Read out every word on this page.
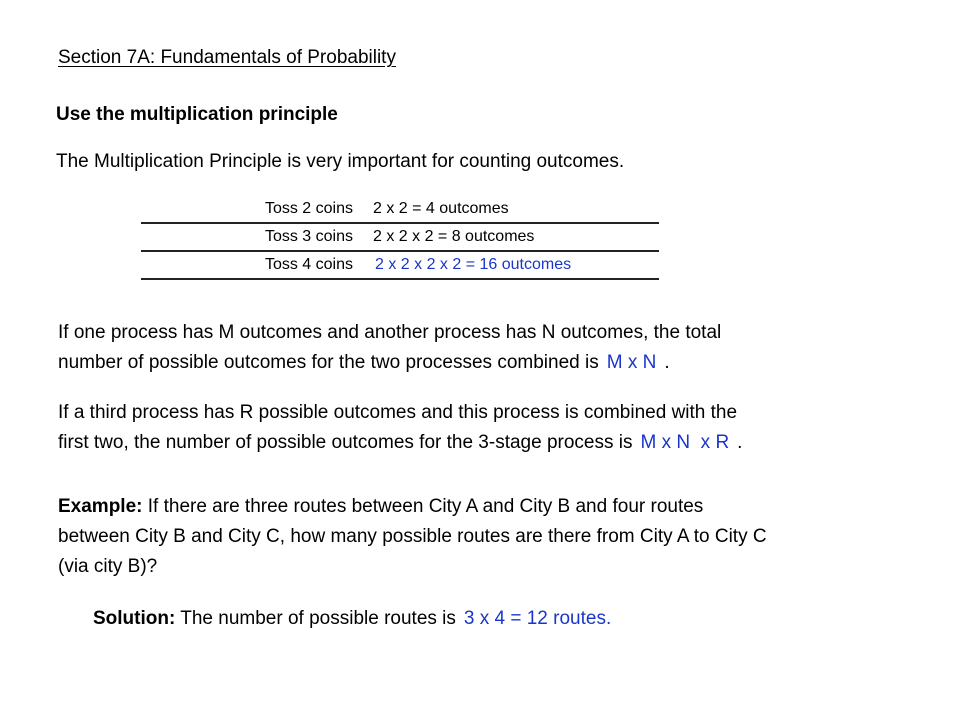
Section 7A: Fundamentals of Probability
Use the multiplication principle
The Multiplication Principle is very important for counting outcomes.
Toss 2 coins	2 x 2 = 4 outcomes
Toss 3 coins	2 x 2 x 2 = 8 outcomes
Toss 4 coins	2 x 2 x 2 x 2 = 16 outcomes
If one process has M outcomes and another process has N outcomes, the total
number of possible outcomes for the two processes combined is M x N .
If a third process has R possible outcomes and this process is combined with the
first two, the number of possible outcomes for the 3-stage process is M x N  x R .
Example: If there are three routes between City A and City B and four routes
between City B and City C, how many possible routes are there from City A to City C
(via city B)?
Solution: The number of possible routes is 3 x 4 = 12 routes.
